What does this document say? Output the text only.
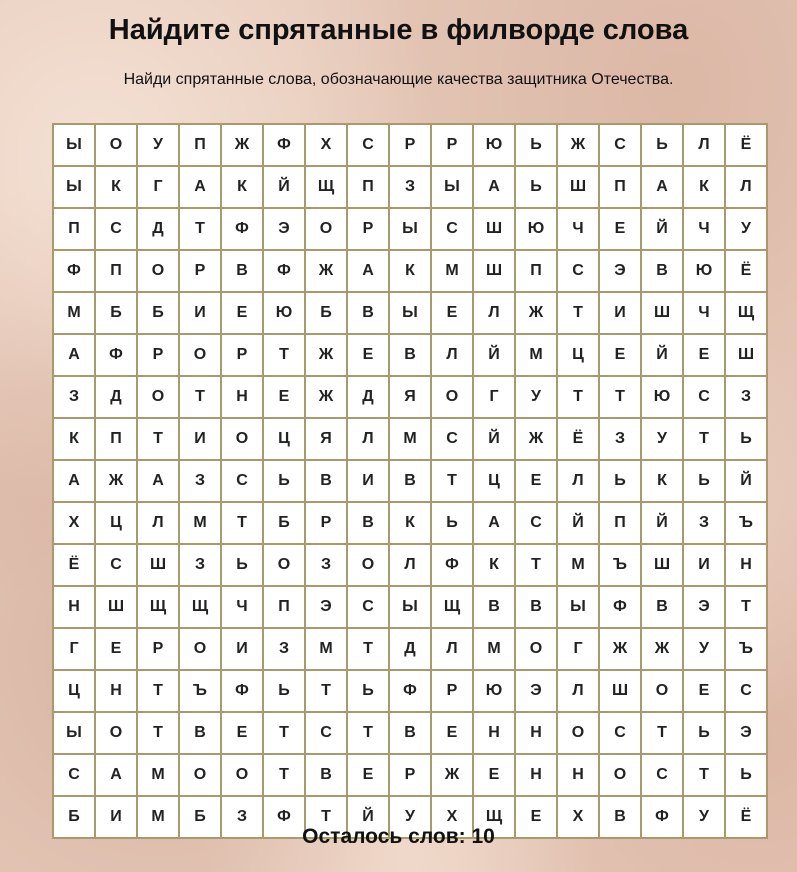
Найдите спрятанные в филворде слова
Найди спрятанные слова, обозначающие качества защитника Отечества.
Ы	О	У	П	Ж	Ф	Х	С	Р	Р	Ю	Ь	Ж	С	Ь	Л	Ё
Ы	К	Г	А	К	Й	Щ	П	З	Ы	А	Ь	Ш	П	А	К	Л
П	С	Д	Т	Ф	Э	О	Р	Ы	С	Ш	Ю	Ч	Е	Й	Ч	У
Ф	П	О	Р	В	Ф	Ж	А	К	М	Ш	П	С	Э	В	Ю	Ё
М	Б	Б	И	Е	Ю	Б	В	Ы	Е	Л	Ж	Т	И	Ш	Ч	Щ
А	Ф	Р	О	Р	Т	Ж	Е	В	Л	Й	М	Ц	Е	Й	Е	Ш
З	Д	О	Т	Н	Е	Ж	Д	Я	О	Г	У	Т	Т	Ю	С	З
К	П	Т	И	О	Ц	Я	Л	М	С	Й	Ж	Ё	З	У	Т	Ь
А	Ж	А	З	С	Ь	В	И	В	Т	Ц	Е	Л	Ь	К	Ь	Й
Х	Ц	Л	М	Т	Б	Р	В	К	Ь	А	С	Й	П	Й	З	Ъ
Ё	С	Ш	З	Ь	О	З	О	Л	Ф	К	Т	М	Ъ	Ш	И	Н
Н	Ш	Щ	Щ	Ч	П	Э	С	Ы	Щ	В	В	Ы	Ф	В	Э	Т
Г	Е	Р	О	И	З	М	Т	Д	Л	М	О	Г	Ж	Ж	У	Ъ
Ц	Н	Т	Ъ	Ф	Ь	Т	Ь	Ф	Р	Ю	Э	Л	Ш	О	Е	С
Ы	О	Т	В	Е	Т	С	Т	В	Е	Н	Н	О	С	Т	Ь	Э
С	А	М	О	О	Т	В	Е	Р	Ж	Е	Н	Н	О	С	Т	Ь
Б	И	М	Б	З	Ф	Т	Й	У	Х	Щ	Е	Х	В	Ф	У	Ё
Осталось слов: 10
